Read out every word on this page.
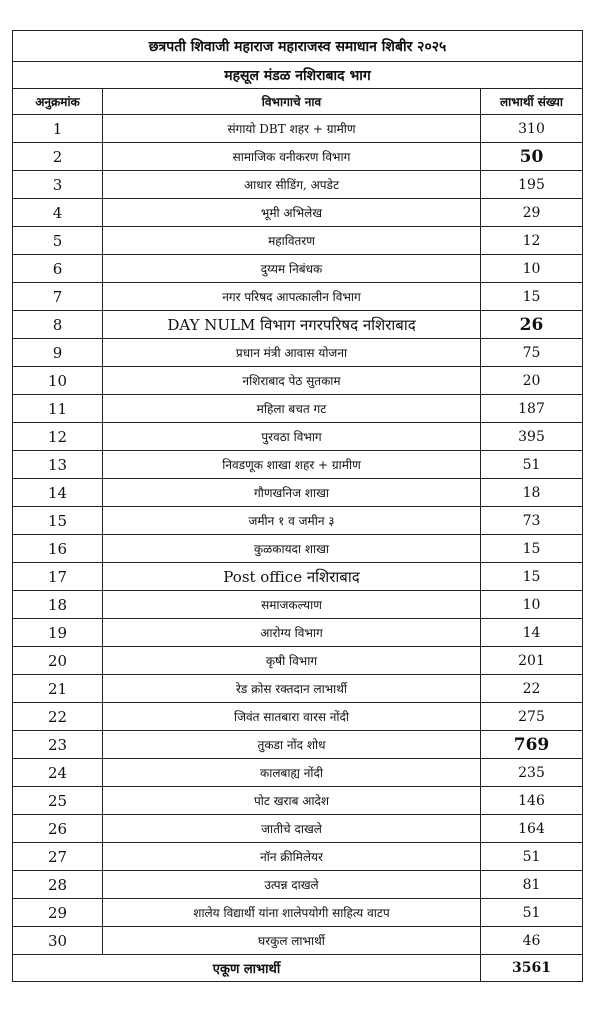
छत्रपती शिवाजी महाराज महाराजस्व समाधान शिबीर २०२५		
महसूल मंडळ नशिराबाद भाग		
अनुक्रमांक	विभागाचे नाव	लाभार्थी संख्या
1	संगायो DBT शहर + ग्रामीण	310
2	सामाजिक वनीकरण विभाग	50
3	आधार सीडिंग, अपडेट	195
4	भूमी अभिलेख	29
5	महावितरण	12
6	दुय्यम निबंधक	10
7	नगर परिषद आपत्कालीन विभाग	15
8	DAY NULM विभाग नगरपरिषद नशिराबाद	26
9	प्रधान मंत्री आवास योजना	75
10	नशिराबाद पेठ सुतकाम	20
11	महिला बचत गट	187
12	पुरवठा विभाग	395
13	निवडणूक शाखा शहर + ग्रामीण	51
14	गौणखनिज शाखा	18
15	जमीन १ व जमीन ३	73
16	कुळकायदा शाखा	15
17	Post office नशिराबाद	15
18	समाजकल्याण	10
19	आरोग्य विभाग	14
20	कृषी विभाग	201
21	रेड क्रोस रक्तदान लाभार्थी	22
22	जिवंत सातबारा वारस नोंदी	275
23	तुकडा नोंद शोध	769
24	कालबाह्य नोंदी	235
25	पोट खराब आदेश	146
26	जातीचे दाखले	164
27	नॉन क्रीमिलेयर	51
28	उत्पन्न दाखले	81
29	शालेय विद्यार्थी यांना शालेपयोगी साहित्य वाटप	51
30	घरकुल लाभार्थी	46
एकूण लाभार्थी		3561
